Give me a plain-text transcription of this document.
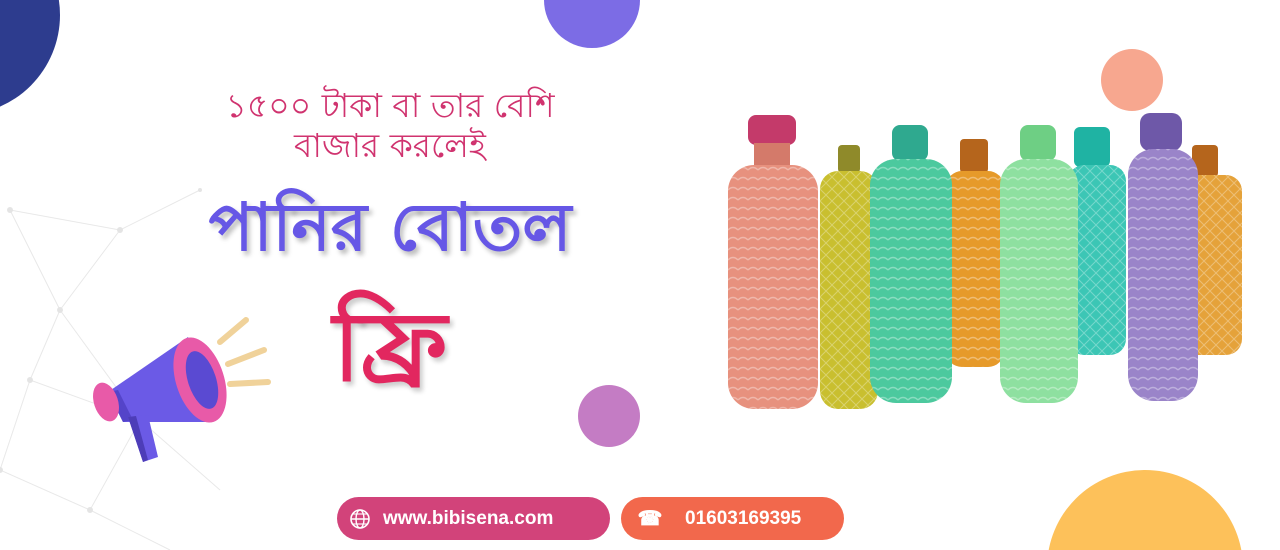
১৫০০ টাকা বা তার বেশি

বাজার করলেই

পানির বোতল

ফ্রি

www.bibisena.com	☎ 01603169395
